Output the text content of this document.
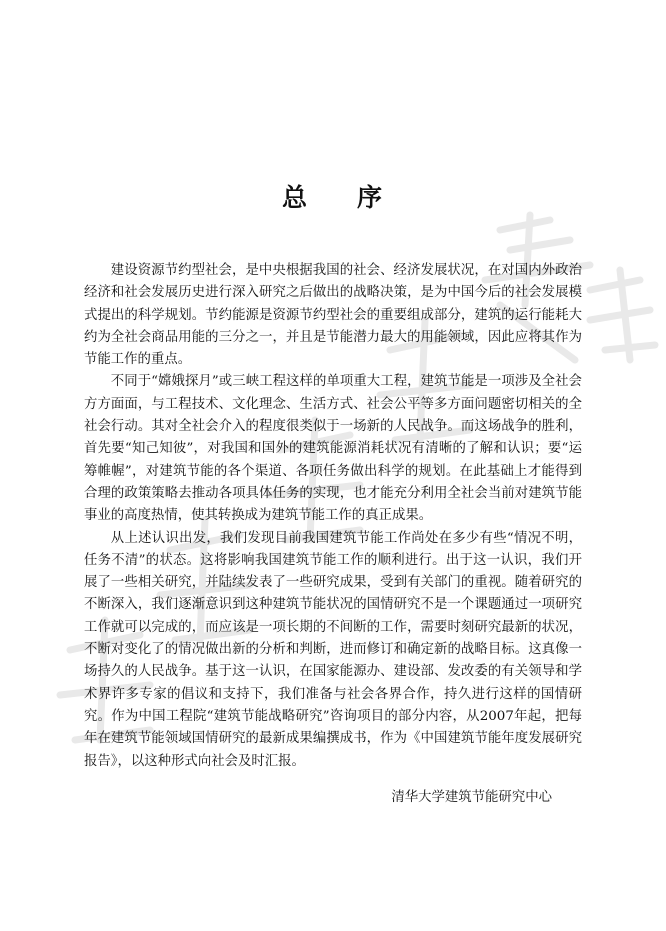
总 序

建设资源节约型社会，是中央根据我国的社会、经济发展状况，在对国内外政治经济和社会发展历史进行深入研究之后做出的战略决策，是为中国今后的社会发展模式提出的科学规划。节约能源是资源节约型社会的重要组成部分，建筑的运行能耗大约为全社会商品用能的三分之一，并且是节能潜力最大的用能领域，因此应将其作为节能工作的重点。

不同于“嫦娥探月”或三峡工程这样的单项重大工程，建筑节能是一项涉及全社会方方面面，与工程技术、文化理念、生活方式、社会公平等多方面问题密切相关的全社会行动。其对全社会介入的程度很类似于一场新的人民战争。而这场战争的胜利，首先要“知己知彼”，对我国和国外的建筑能源消耗状况有清晰的了解和认识；要“运筹帷幄”，对建筑节能的各个渠道、各项任务做出科学的规划。在此基础上才能得到合理的政策策略去推动各项具体任务的实现，也才能充分利用全社会当前对建筑节能事业的高度热情，使其转换成为建筑节能工作的真正成果。

从上述认识出发，我们发现目前我国建筑节能工作尚处在多少有些“情况不明，任务不清”的状态。这将影响我国建筑节能工作的顺利进行。出于这一认识，我们开展了一些相关研究，并陆续发表了一些研究成果，受到有关部门的重视。随着研究的不断深入，我们逐渐意识到这种建筑节能状况的国情研究不是一个课题通过一项研究工作就可以完成的，而应该是一项长期的不间断的工作，需要时刻研究最新的状况，不断对变化了的情况做出新的分析和判断，进而修订和确定新的战略目标。这真像一场持久的人民战争。基于这一认识，在国家能源办、建设部、发改委的有关领导和学术界许多专家的倡议和支持下，我们准备与社会各界合作，持久进行这样的国情研究。作为中国工程院“建筑节能战略研究”咨询项目的部分内容，从2007年起，把每年在建筑节能领域国情研究的最新成果编撰成书，作为《中国建筑节能年度发展研究报告》，以这种形式向社会及时汇报。

清华大学建筑节能研究中心
